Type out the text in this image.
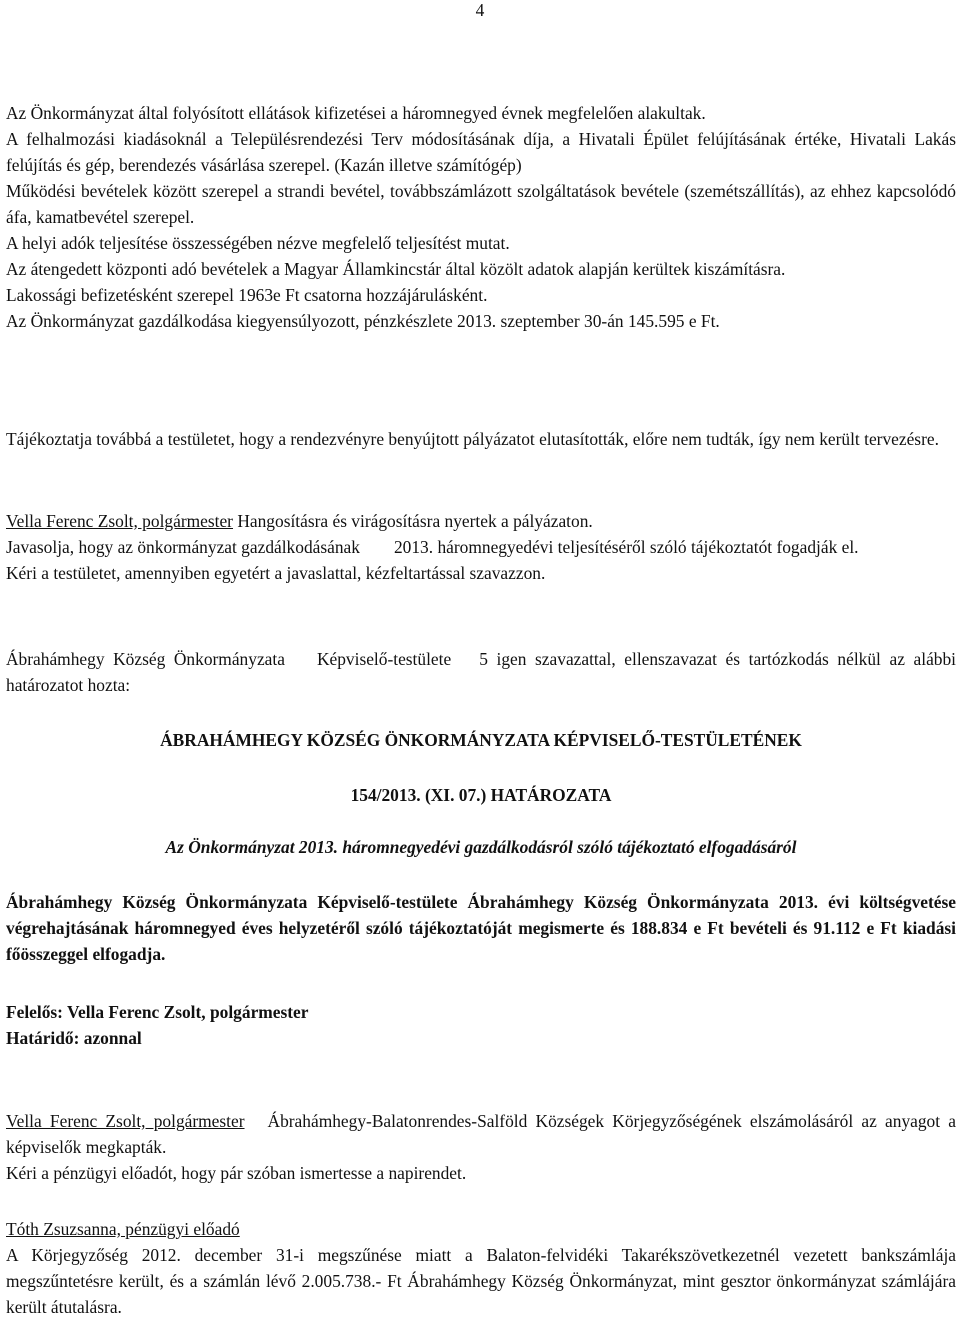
4

Az Önkormányzat által folyósított ellátások kifizetései a háromnegyed évnek megfelelően alakultak.

A felhalmozási kiadásoknál a Településrendezési Terv módosításának díja, a Hivatali Épület felújításának értéke, Hivatali Lakás felújítás és gép, berendezés vásárlása szerepel. (Kazán illetve számítógép)

Működési bevételek között szerepel a strandi bevétel, továbbszámlázott szolgáltatások bevétele (szemétszállítás), az ehhez kapcsolódó áfa, kamatbevétel szerepel.

A helyi adók teljesítése összességében nézve megfelelő teljesítést mutat.

Az átengedett központi adó bevételek a Magyar Államkincstár által közölt adatok alapján kerültek kiszámításra.

Lakossági befizetésként szerepel 1963e Ft csatorna hozzájárulásként.

Az Önkormányzat gazdálkodása kiegyensúlyozott, pénzkészlete 2013. szeptember 30-án 145.595 e Ft.

Tájékoztatja továbbá a testületet, hogy a rendezvényre benyújtott pályázatot elutasították, előre nem tudták, így nem került tervezésre.

Vella Ferenc Zsolt, polgármester Hangosításra és virágosításra nyertek a pályázaton.

Javasolja, hogy az önkormányzat gazdálkodásának 2013. háromnegyedévi teljesítéséről szóló tájékoztatót fogadják el.

Kéri a testületet, amennyiben egyetért a javaslattal, kézfeltartással szavazzon.

Ábrahámhegy Község Önkormányzata Képviselő-testülete 5 igen szavazattal, ellenszavazat és tartózkodás nélkül az alábbi határozatot hozta:

ÁBRAHÁMHEGY KÖZSÉG ÖNKORMÁNYZATA KÉPVISELŐ-TESTÜLETÉNEK

154/2013. (XI. 07.) HATÁROZATA

Az Önkormányzat 2013. háromnegyedévi gazdálkodásról szóló tájékoztató elfogadásáról

Ábrahámhegy Község Önkormányzata Képviselő-testülete Ábrahámhegy Község Önkormányzata 2013. évi költségvetése végrehajtásának háromnegyed éves helyzetéről szóló tájékoztatóját megismerte és 188.834 e Ft bevételi és 91.112 e Ft kiadási főösszeggel elfogadja.

Felelős: Vella Ferenc Zsolt, polgármester

Határidő: azonnal

Vella Ferenc Zsolt, polgármester Ábrahámhegy-Balatonrendes-Salföld Községek Körjegyzőségének elszámolásáról az anyagot a képviselők megkapták.

Kéri a pénzügyi előadót, hogy pár szóban ismertesse a napirendet.

Tóth Zsuzsanna, pénzügyi előadó

A Körjegyzőség 2012. december 31-i megszűnése miatt a Balaton-felvidéki Takarékszövetkezetnél vezetett bankszámlája megszűntetésre került, és a számlán lévő 2.005.738.- Ft Ábrahámhegy Község Önkormányzat, mint gesztor önkormányzat számlájára került átutalásra.
